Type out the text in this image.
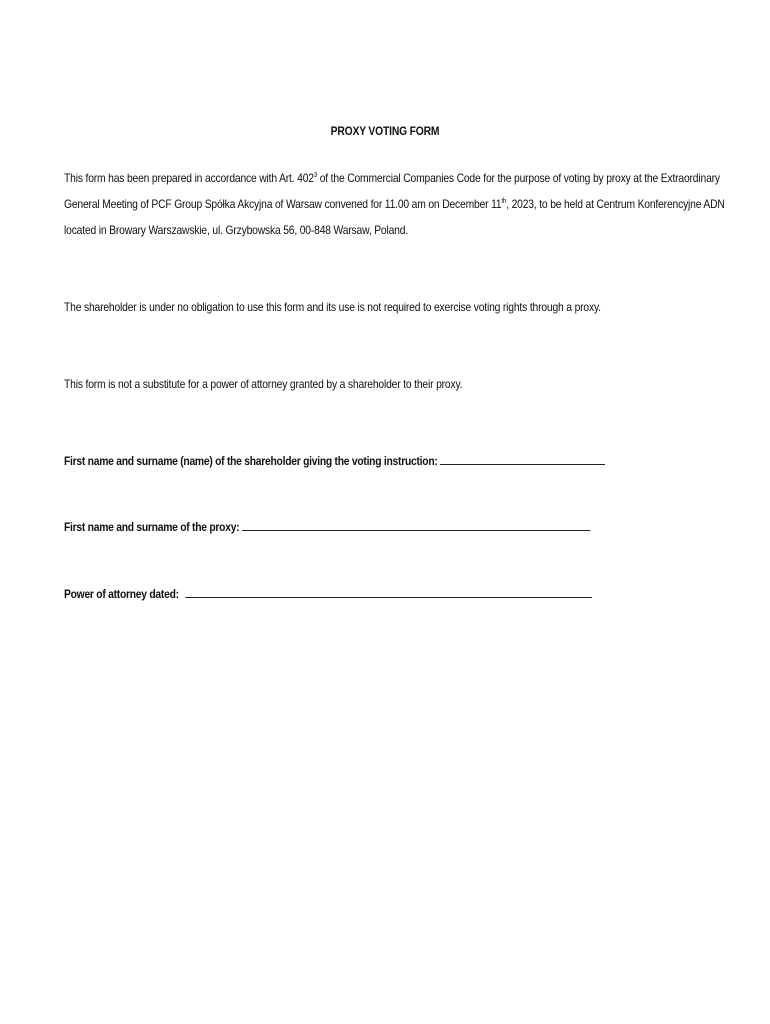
PROXY VOTING FORM
This form has been prepared in accordance with Art. $402^3$ of the Commercial Companies Code for the purpose of voting by proxy at the Extraordinary
General Meeting of PCF Group Spółka Akcyjna of Warsaw convened for 11.00 am on December 11th, 2023, to be held at Centrum Konferencyjne ADN
located in Browary Warszawskie, ul. Grzybowska 56, 00-848 Warsaw, Poland.
The shareholder is under no obligation to use this form and its use is not required to exercise voting rights through a proxy.
This form is not a substitute for a power of attorney granted by a shareholder to their proxy.
First name and surname (name) of the shareholder giving the voting instruction:
First name and surname of the proxy:
Power of attorney dated:
